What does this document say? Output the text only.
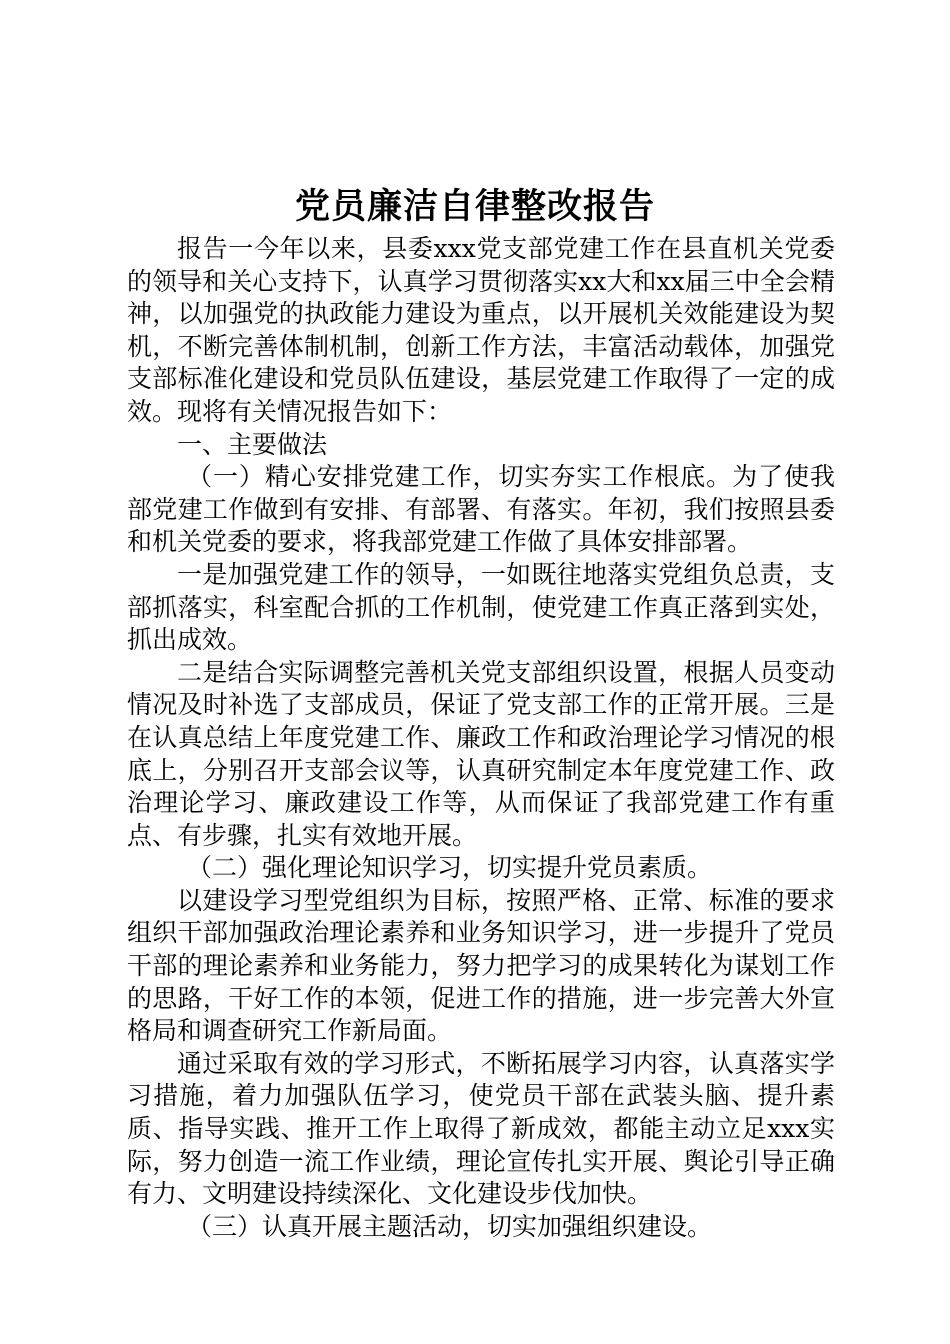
党员廉洁自律整改报告

报告一今年以来，县委xxx党支部党建工作在县直机关党委的领导和关心支持下，认真学习贯彻落实xx大和xx届三中全会精神，以加强党的执政能力建设为重点，以开展机关效能建设为契机，不断完善体制机制，创新工作方法，丰富活动载体，加强党支部标准化建设和党员队伍建设，基层党建工作取得了一定的成效。现将有关情况报告如下：

一、主要做法

（一）精心安排党建工作，切实夯实工作根底。为了使我部党建工作做到有安排、有部署、有落实。年初，我们按照县委和机关党委的要求，将我部党建工作做了具体安排部署。

一是加强党建工作的领导，一如既往地落实党组负总责，支部抓落实，科室配合抓的工作机制，使党建工作真正落到实处，抓出成效。

二是结合实际调整完善机关党支部组织设置，根据人员变动情况及时补选了支部成员，保证了党支部工作的正常开展。三是在认真总结上年度党建工作、廉政工作和政治理论学习情况的根底上，分别召开支部会议等，认真研究制定本年度党建工作、政治理论学习、廉政建设工作等，从而保证了我部党建工作有重点、有步骤，扎实有效地开展。

（二）强化理论知识学习，切实提升党员素质。

以建设学习型党组织为目标，按照严格、正常、标准的要求组织干部加强政治理论素养和业务知识学习，进一步提升了党员干部的理论素养和业务能力，努力把学习的成果转化为谋划工作的思路，干好工作的本领，促进工作的措施，进一步完善大外宣格局和调查研究工作新局面。

通过采取有效的学习形式，不断拓展学习内容，认真落实学习措施，着力加强队伍学习，使党员干部在武装头脑、提升素质、指导实践、推开工作上取得了新成效，都能主动立足xxx实际，努力创造一流工作业绩，理论宣传扎实开展、舆论引导正确有力、文明建设持续深化、文化建设步伐加快。

（三）认真开展主题活动，切实加强组织建设。
